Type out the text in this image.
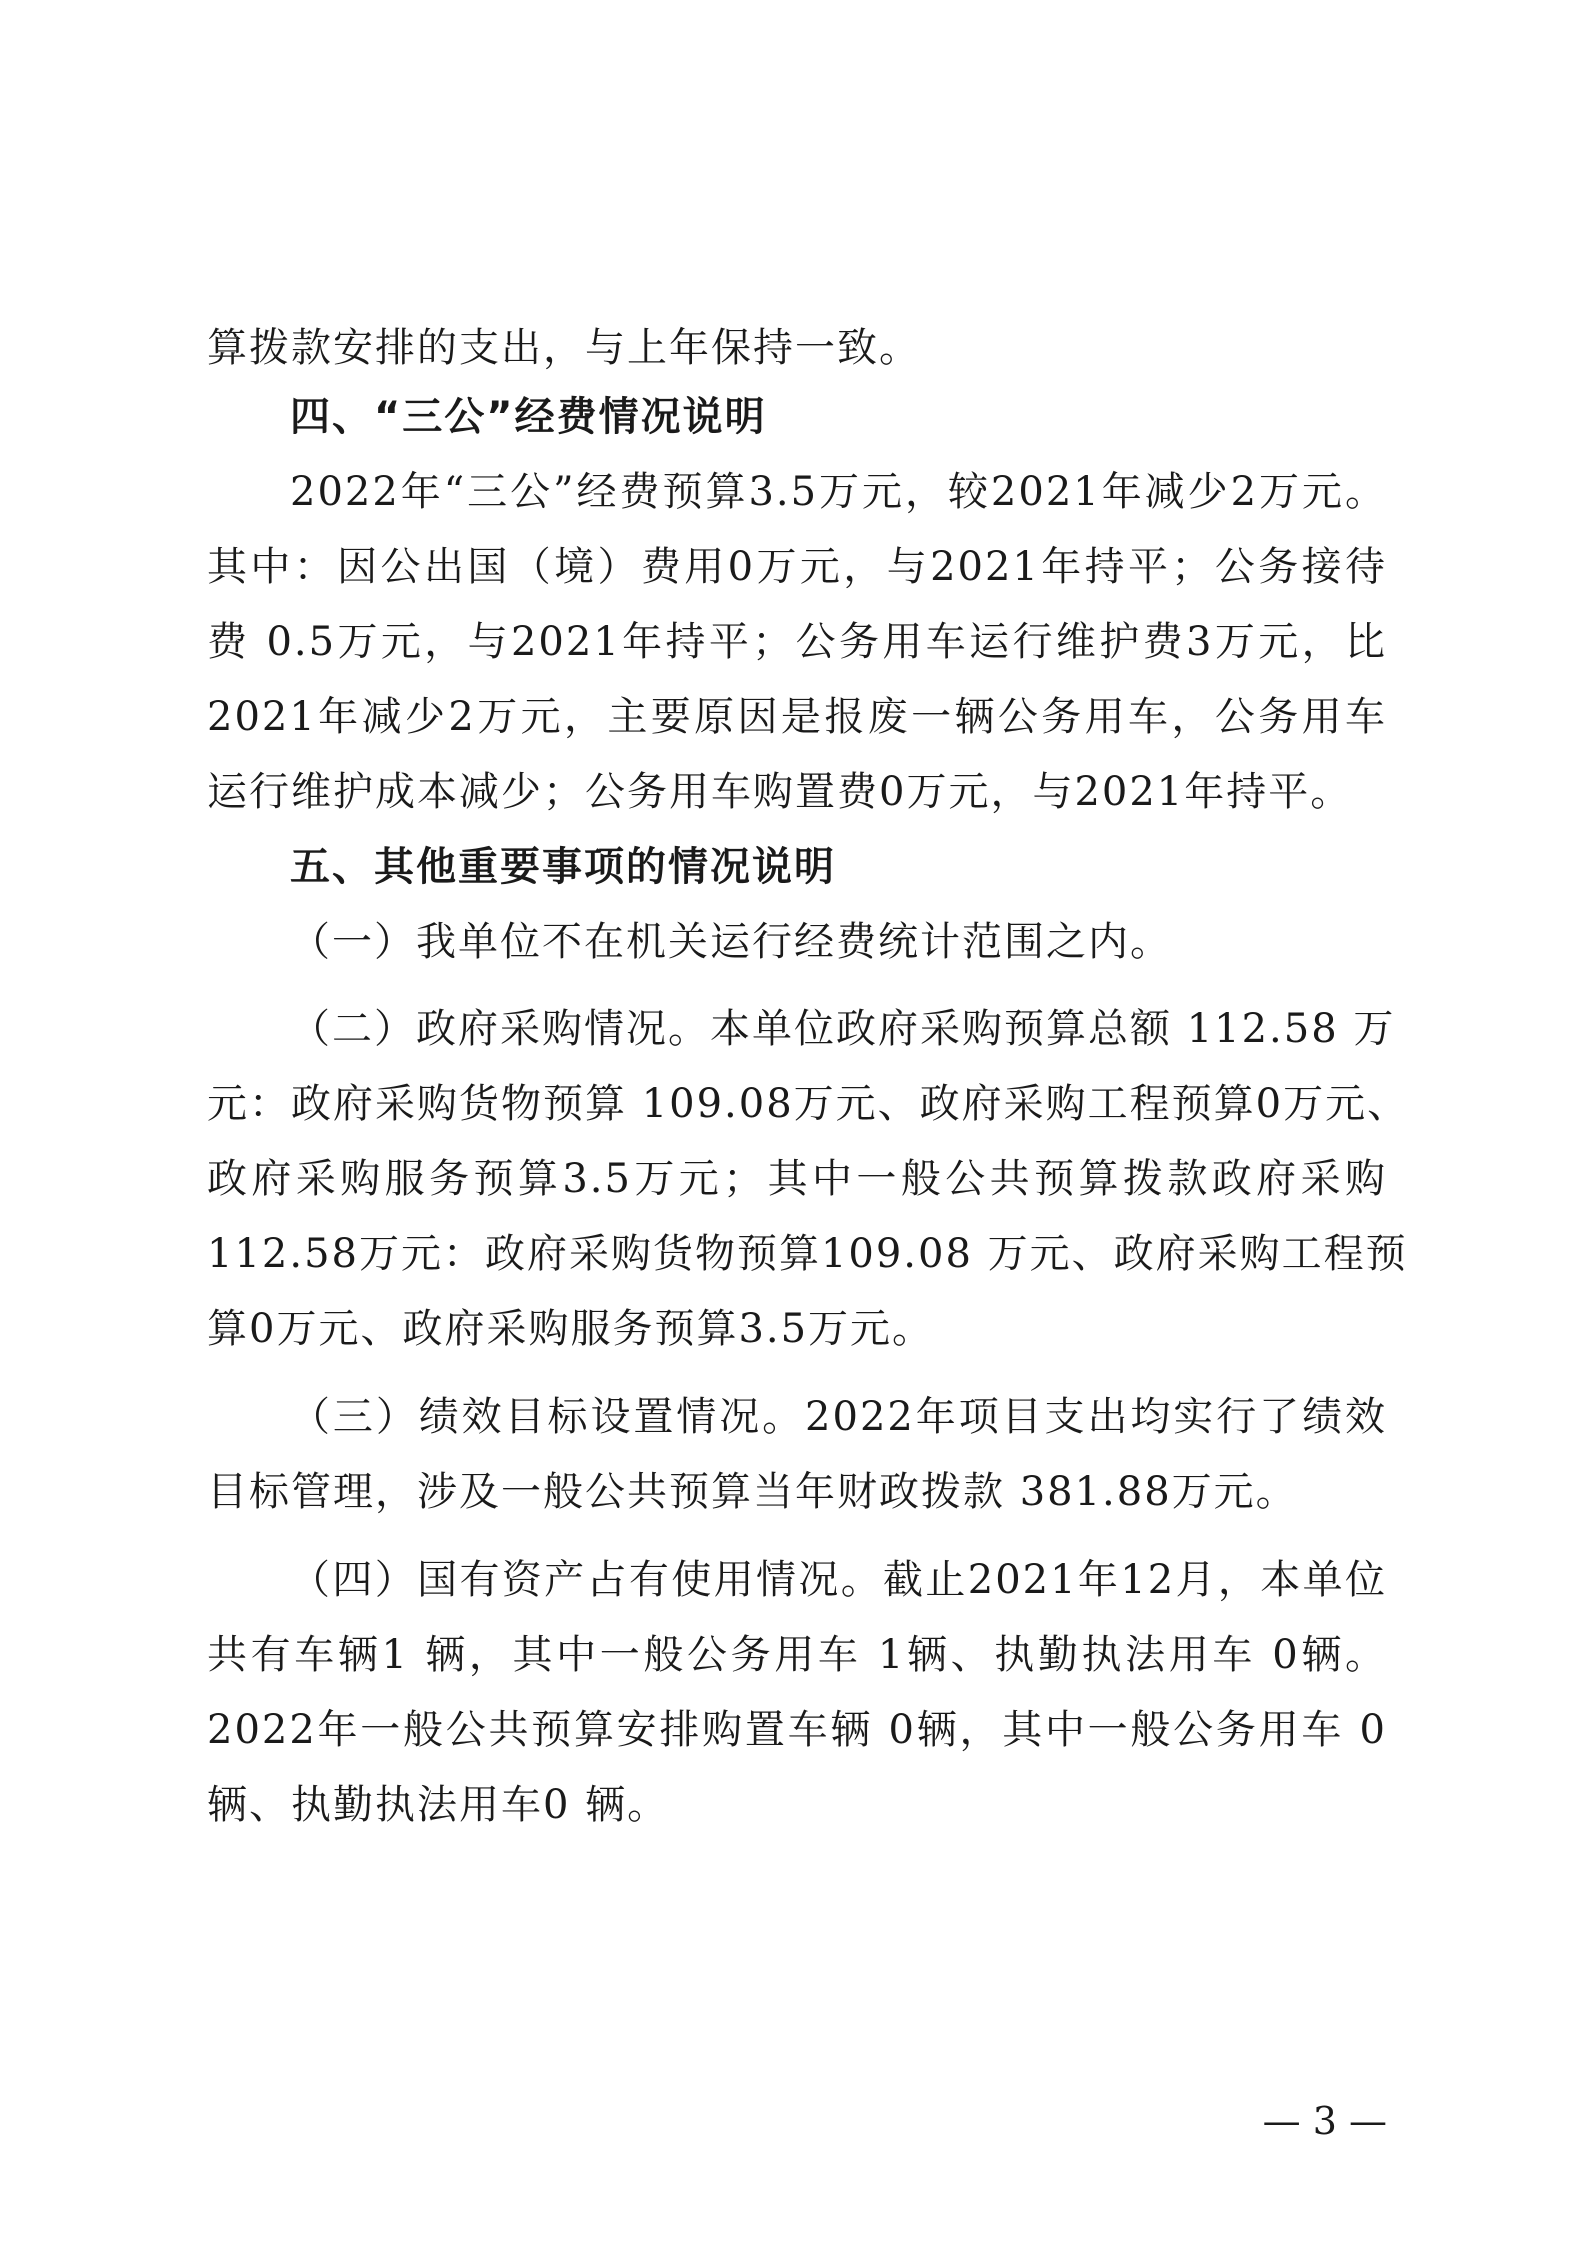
算拨款安排的支出，与上年保持一致。
四、“三公”经费情况说明
2022年“三公”经费预算3.5万元，较2021年减少2万元。
其中：因公出国（境）费用0万元，与2021年持平；公务接待
费 0.5万元，与2021年持平；公务用车运行维护费3万元，比
2021年减少2万元，主要原因是报废一辆公务用车，公务用车
运行维护成本减少；公务用车购置费0万元，与2021年持平。
五、其他重要事项的情况说明
（一）我单位不在机关运行经费统计范围之内。
（二）政府采购情况。本单位政府采购预算总额 112.58 万
元：政府采购货物预算 109.08万元、政府采购工程预算0万元、
政府采购服务预算3.5万元；其中一般公共预算拨款政府采购
112.58万元：政府采购货物预算109.08 万元、政府采购工程预
算0万元、政府采购服务预算3.5万元。
（三）绩效目标设置情况。2022年项目支出均实行了绩效
目标管理，涉及一般公共预算当年财政拨款 381.88万元。
（四）国有资产占有使用情况。截止2021年12月，本单位
共有车辆1 辆，其中一般公务用车 1辆、执勤执法用车 0辆。
2022年一般公共预算安排购置车辆 0辆，其中一般公务用车 0
辆、执勤执法用车0 辆。
— 3 —
